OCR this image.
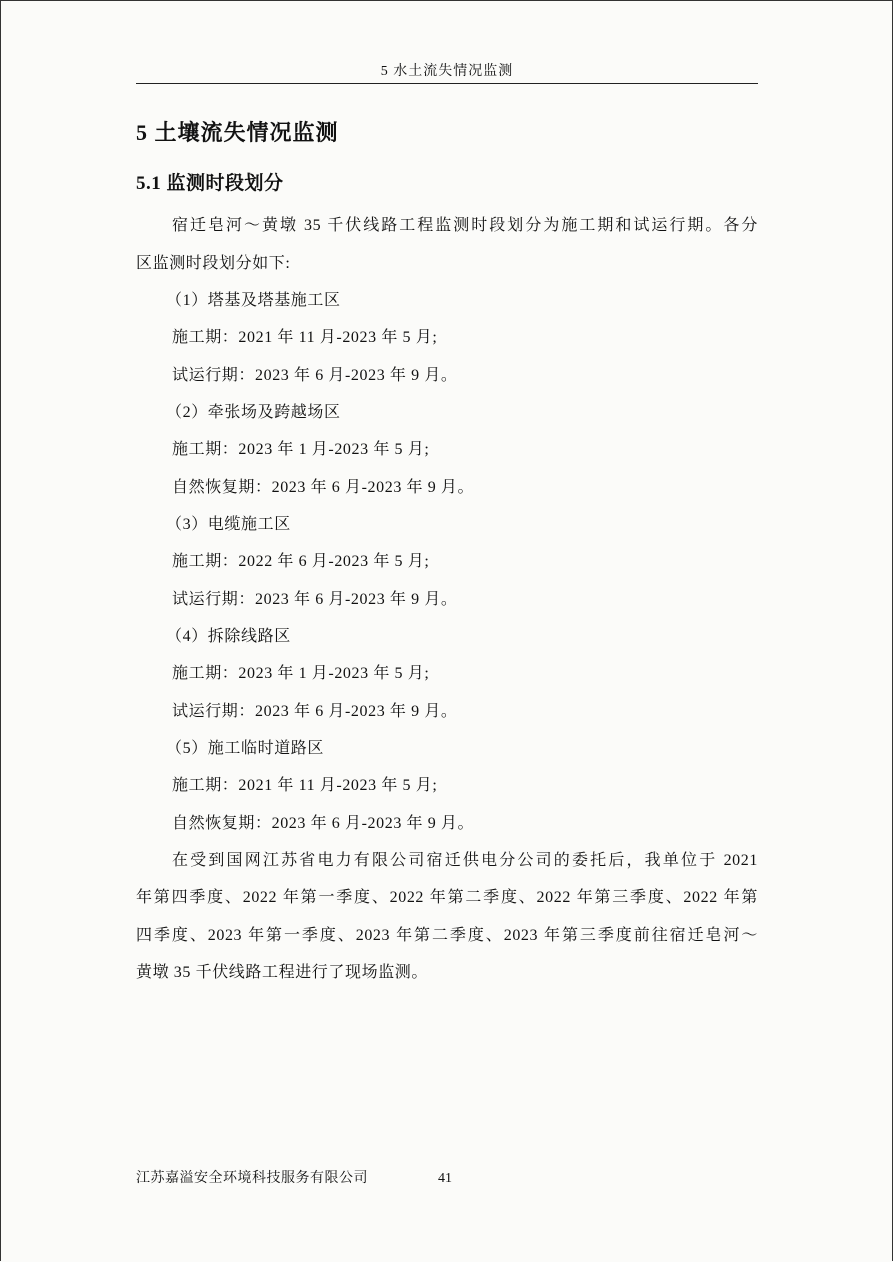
5 水土流失情况监测
5 土壤流失情况监测
5.1 监测时段划分
宿迁皂河～黄墩 35 千伏线路工程监测时段划分为施工期和试运行期。各分
区监测时段划分如下:
（1）塔基及塔基施工区
施工期：2021 年 11 月-2023 年 5 月;
试运行期：2023 年 6 月-2023 年 9 月。
（2）牵张场及跨越场区
施工期：2023 年 1 月-2023 年 5 月;
自然恢复期：2023 年 6 月-2023 年 9 月。
（3）电缆施工区
施工期：2022 年 6 月-2023 年 5 月;
试运行期：2023 年 6 月-2023 年 9 月。
（4）拆除线路区
施工期：2023 年 1 月-2023 年 5 月;
试运行期：2023 年 6 月-2023 年 9 月。
（5）施工临时道路区
施工期：2021 年 11 月-2023 年 5 月;
自然恢复期：2023 年 6 月-2023 年 9 月。
在受到国网江苏省电力有限公司宿迁供电分公司的委托后，我单位于 2021
年第四季度、2022 年第一季度、2022 年第二季度、2022 年第三季度、2022 年第
四季度、2023 年第一季度、2023 年第二季度、2023 年第三季度前往宿迁皂河～
黄墩 35 千伏线路工程进行了现场监测。
江苏嘉溢安全环境科技服务有限公司	41
